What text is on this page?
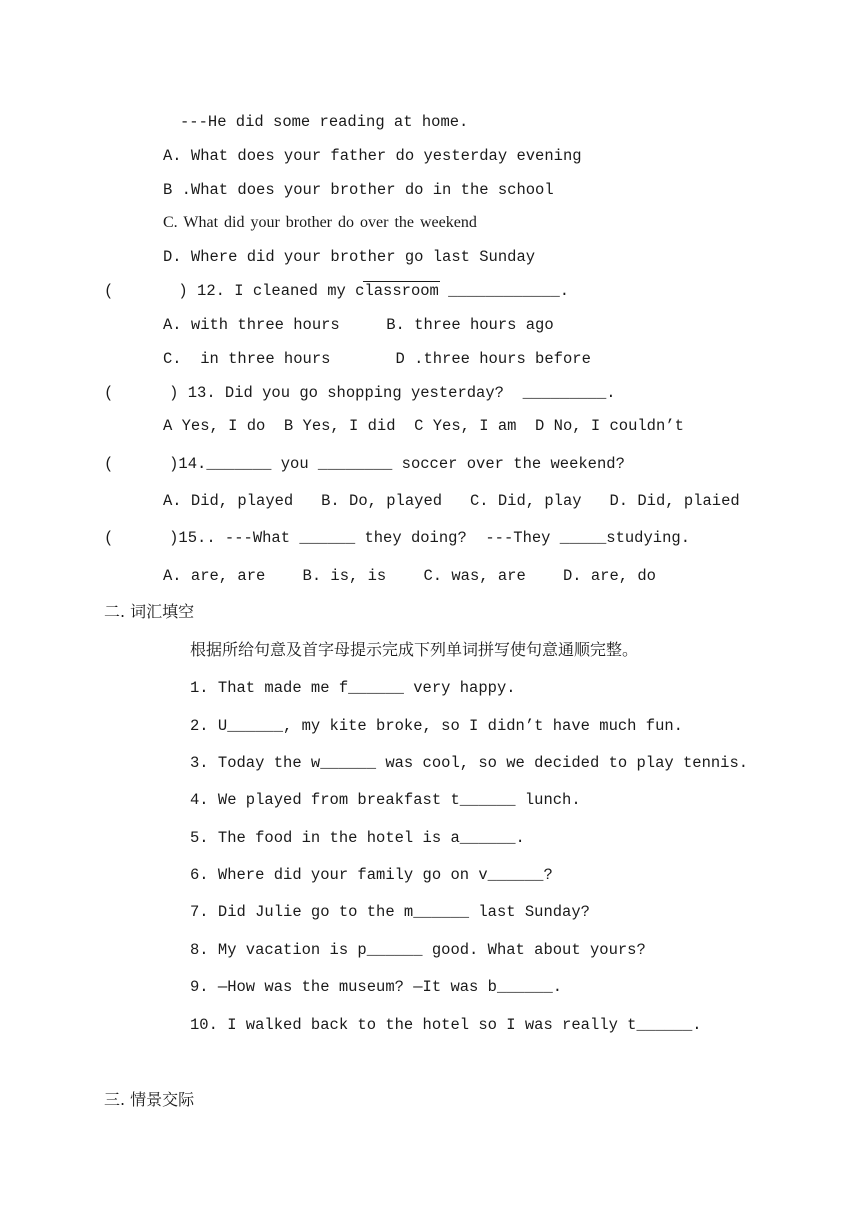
---He did some reading at home.
A. What does your father do yesterday evening
B .What does your brother do in the school
C. What did your brother do over the weekend
D. Where did your brother go last Sunday
(       ) 12. I cleaned my classroom ____________.
A. with three hours     B. three hours ago
C.  in three hours       D .three hours before
(      ) 13. Did you go shopping yesterday?  _________.
A Yes, I do  B Yes, I did  C Yes, I am  D No, I couldn’t
(      )14._______ you ________ soccer over the weekend?
A. Did, played   B. Do, played   C. Did, play   D. Did, plaied
(      )15.. ---What ______ they doing?  ---They _____studying.
A. are, are    B. is, is    C. was, are    D. are, do
二. 词汇填空
根据所给句意及首字母提示完成下列单词拼写使句意通顺完整。
1. That made me f______ very happy.
2. U______, my kite broke, so I didn’t have much fun.
3. Today the w______ was cool, so we decided to play tennis.
4. We played from breakfast t______ lunch.
5. The food in the hotel is a______.
6. Where did your family go on v______?
7. Did Julie go to the m______ last Sunday?
8. My vacation is p______ good. What about yours?
9. —How was the museum? —It was b______.
10. I walked back to the hotel so I was really t______.
三. 情景交际
